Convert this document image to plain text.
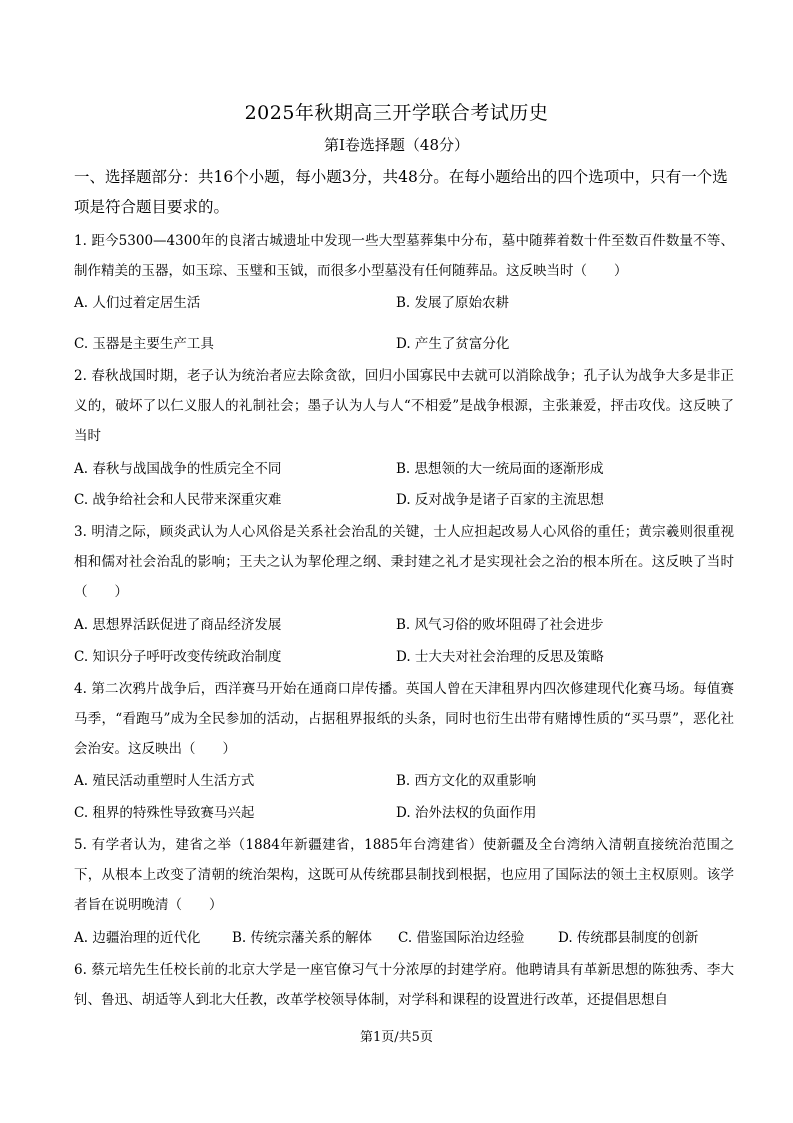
2025年秋期高三开学联合考试历史
第I卷选择题（48分）
一、选择题部分：共16个小题，每小题3分，共48分。在每小题给出的四个选项中，只有一个选项是符合题目要求的。
1. 距今5300—4300年的良渚古城遗址中发现一些大型墓葬集中分布，墓中随葬着数十件至数百件数量不等、制作精美的玉器，如玉琮、玉璧和玉钺，而很多小型墓没有任何随葬品。这反映当时（　　）
A. 人们过着定居生活	B. 发展了原始农耕
C. 玉器是主要生产工具	D. 产生了贫富分化
2. 春秋战国时期，老子认为统治者应去除贪欲，回归小国寡民中去就可以消除战争；孔子认为战争大多是非正义的，破坏了以仁义服人的礼制社会；墨子认为人与人“不相爱”是战争根源，主张兼爱，抨击攻伐。这反映了当时
A. 春秋与战国战争的性质完全不同	B. 思想领的大一统局面的逐渐形成
C. 战争给社会和人民带来深重灾难	D. 反对战争是诸子百家的主流思想
3. 明清之际，顾炎武认为人心风俗是关系社会治乱的关键，士人应担起改易人心风俗的重任；黄宗羲则很重视相和儒对社会治乱的影响；王夫之认为挈伦理之纲、秉封建之礼才是实现社会之治的根本所在。这反映了当时（　　）
A. 思想界活跃促进了商品经济发展	B. 风气习俗的败坏阻碍了社会进步
C. 知识分子呼吁改变传统政治制度	D. 士大夫对社会治理的反思及策略
4. 第二次鸦片战争后，西洋赛马开始在通商口岸传播。英国人曾在天津租界内四次修建现代化赛马场。每值赛马季，“看跑马”成为全民参加的活动，占据租界报纸的头条，同时也衍生出带有赌博性质的“买马票”，恶化社会治安。这反映出（　　）
A. 殖民活动重塑时人生活方式	B. 西方文化的双重影响
C. 租界的特殊性导致赛马兴起	D. 治外法权的负面作用
5. 有学者认为，建省之举（1884年新疆建省，1885年台湾建省）使新疆及全台湾纳入清朝直接统治范围之下，从根本上改变了清朝的统治架构，这既可从传统郡县制找到根据，也应用了国际法的领土主权原则。该学者旨在说明晚清（　　）
A. 边疆治理的近代化 B. 传统宗藩关系的解体 C. 借鉴国际治边经验 D. 传统郡县制度的创新
6. 蔡元培先生任校长前的北京大学是一座官僚习气十分浓厚的封建学府。他聘请具有革新思想的陈独秀、李大钊、鲁迅、胡适等人到北大任教，改革学校领导体制，对学科和课程的设置进行改革，还提倡思想自
第1页/共5页
